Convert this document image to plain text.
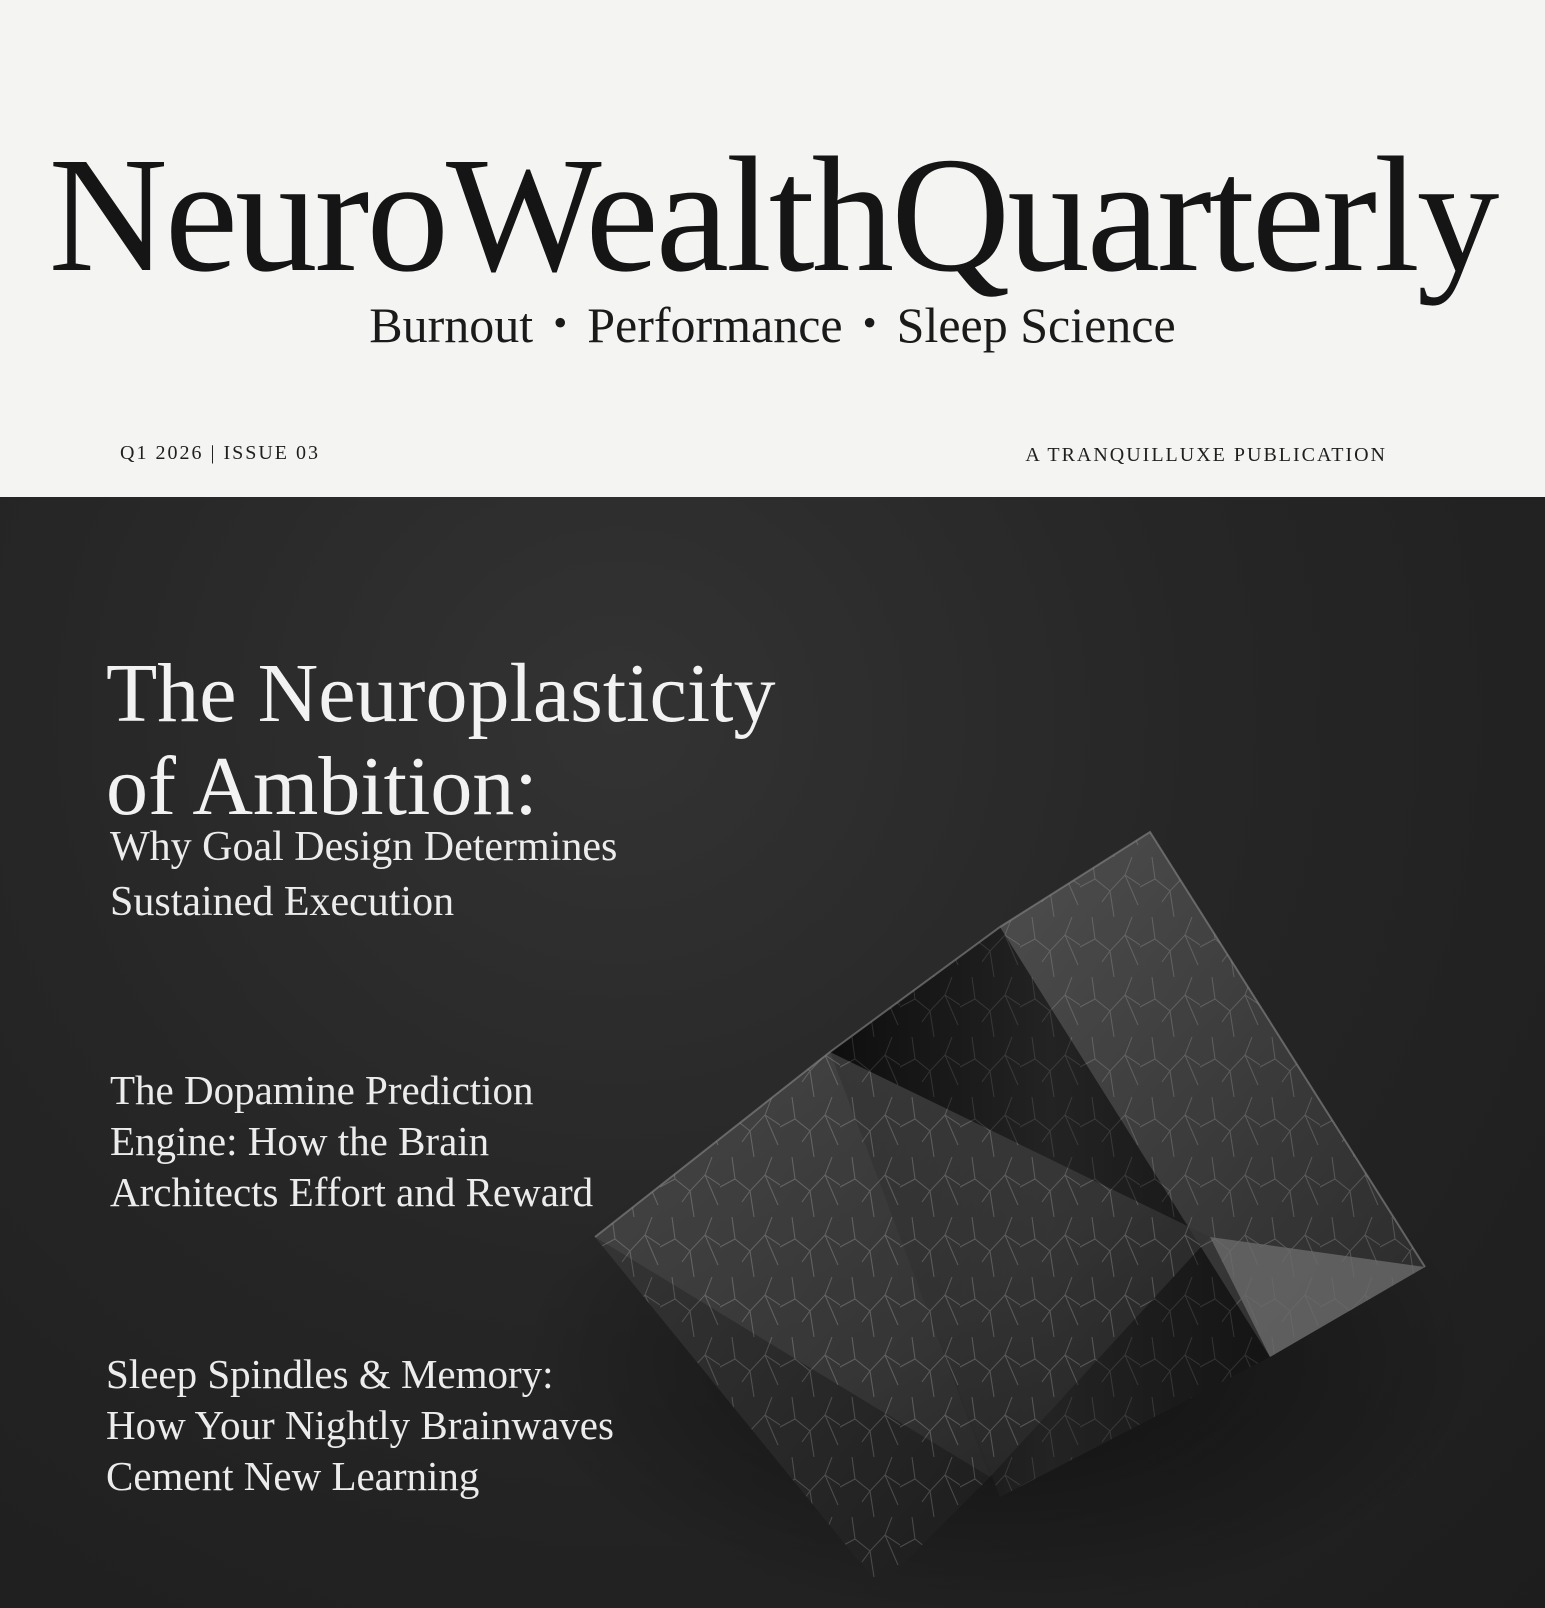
NeuroWealthQuarterly
Burnout • Performance • Sleep Science
Q1 2026 | ISSUE 03	A TRANQUILLUXE PUBLICATION
The Neuroplasticity
of Ambition:
Why Goal Design Determines Sustained Execution
The Dopamine Prediction Engine: How the Brain Architects Effort and Reward
Sleep Spindles & Memory: How Your Nightly Brainwaves Cement New Learning
